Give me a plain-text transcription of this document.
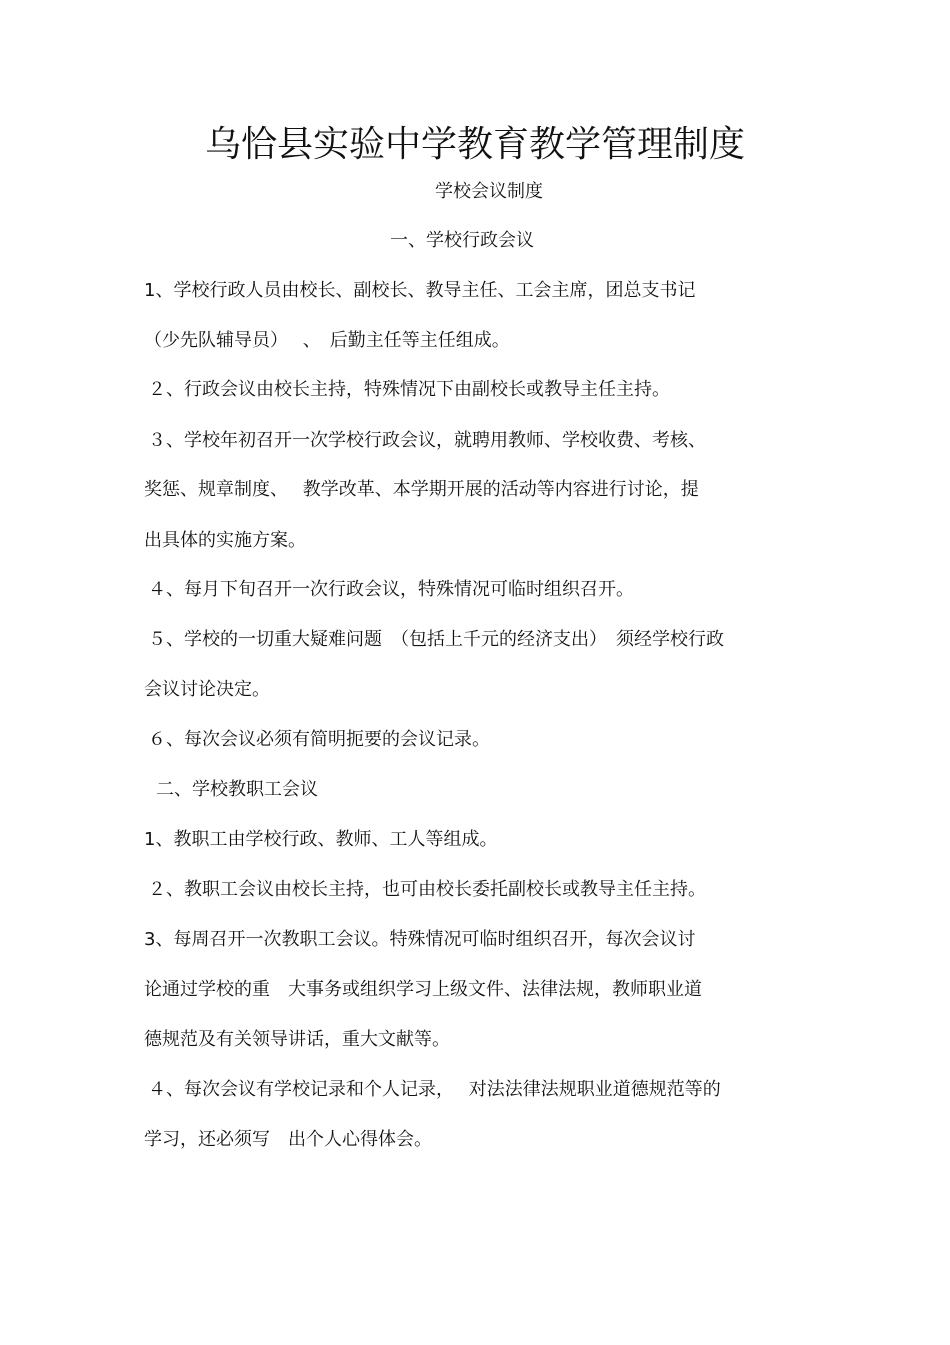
乌恰县实验中学教育教学管理制度

学校会议制度

一、学校行政会议

1、学校行政人员由校长、副校长、教导主任、工会主席，团总支书记

（少先队辅导员）　 、　后勤主任等主任组成。

２、行政会议由校长主持，特殊情况下由副校长或教导主任主持。

３、学校年初召开一次学校行政会议，就聘用教师、学校收费、考核、

奖惩、规章制度、　 教学改革、本学期开展的活动等内容进行讨论，提

出具体的实施方案。

４、每月下旬召开一次行政会议，特殊情况可临时组织召开。

５、学校的一切重大疑难问题　（包括上千元的经济支出）　须经学校行政

会议讨论决定。

６、每次会议必须有简明扼要的会议记录。

二、学校教职工会议

1、教职工由学校行政、教师、工人等组成。

２、教职工会议由校长主持，也可由校长委托副校长或教导主任主持。

3、每周召开一次教职工会议。特殊情况可临时组织召开，每次会议讨

论通过学校的重　大事务或组织学习上级文件、法律法规，教师职业道

德规范及有关领导讲话，重大文献等。

４、每次会议有学校记录和个人记录，　 对法法律法规职业道德规范等的

学习，还必须写　出个人心得体会。
